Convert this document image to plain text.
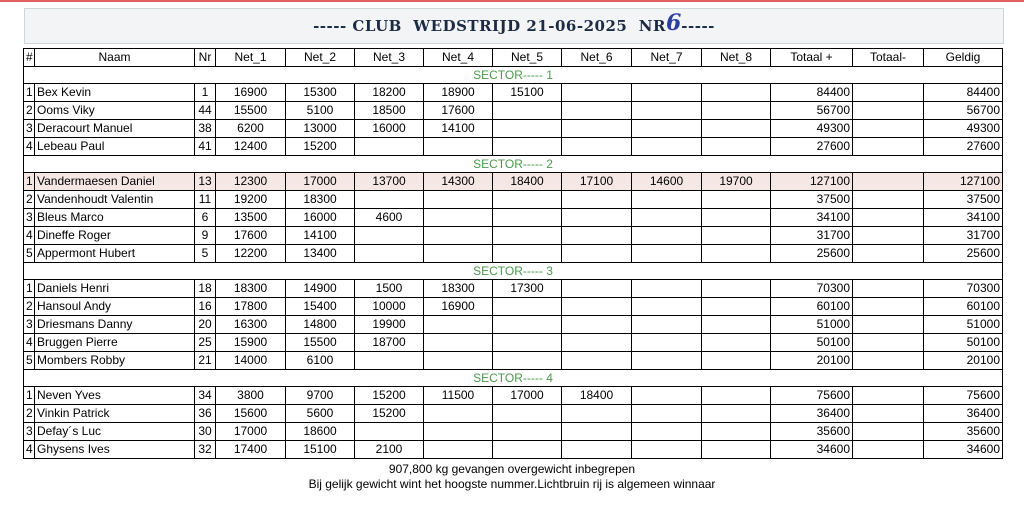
----- CLUB  WEDSTRIJD 21-06-2025  NR 6 -----
#	Naam	Nr	Net_1	Net_2	Net_3	Net_4	Net_5	Net_6	Net_7	Net_8	Totaal +	Totaal-	Geldig
SECTOR----- 1													
1	Bex Kevin	1	16900	15300	18200	18900	15100				84400		84400
2	Ooms Viky	44	15500	5100	18500	17600					56700		56700
3	Deracourt Manuel	38	6200	13000	16000	14100					49300		49300
4	Lebeau Paul	41	12400	15200							27600		27600
SECTOR----- 2													
1	Vandermaesen Daniel	13	12300	17000	13700	14300	18400	17100	14600	19700	127100		127100
2	Vandenhoudt Valentin	11	19200	18300							37500		37500
3	Bleus Marco	6	13500	16000	4600						34100		34100
4	Dineffe Roger	9	17600	14100							31700		31700
5	Appermont Hubert	5	12200	13400							25600		25600
SECTOR----- 3													
1	Daniels Henri	18	18300	14900	1500	18300	17300				70300		70300
2	Hansoul Andy	16	17800	15400	10000	16900					60100		60100
3	Driesmans Danny	20	16300	14800	19900						51000		51000
4	Bruggen Pierre	25	15900	15500	18700						50100		50100
5	Mombers Robby	21	14000	6100							20100		20100
SECTOR----- 4													
1	Neven Yves	34	3800	9700	15200	11500	17000	18400			75600		75600
2	Vinkin Patrick	36	15600	5600	15200						36400		36400
3	Defay´s Luc	30	17000	18600							35600		35600
4	Ghysens Ives	32	17400	15100	2100						34600		34600
907,800 kg gevangen overgewicht inbegrepen
Bij gelijk gewicht wint het hoogste nummer.Lichtbruin rij is algemeen winnaar
